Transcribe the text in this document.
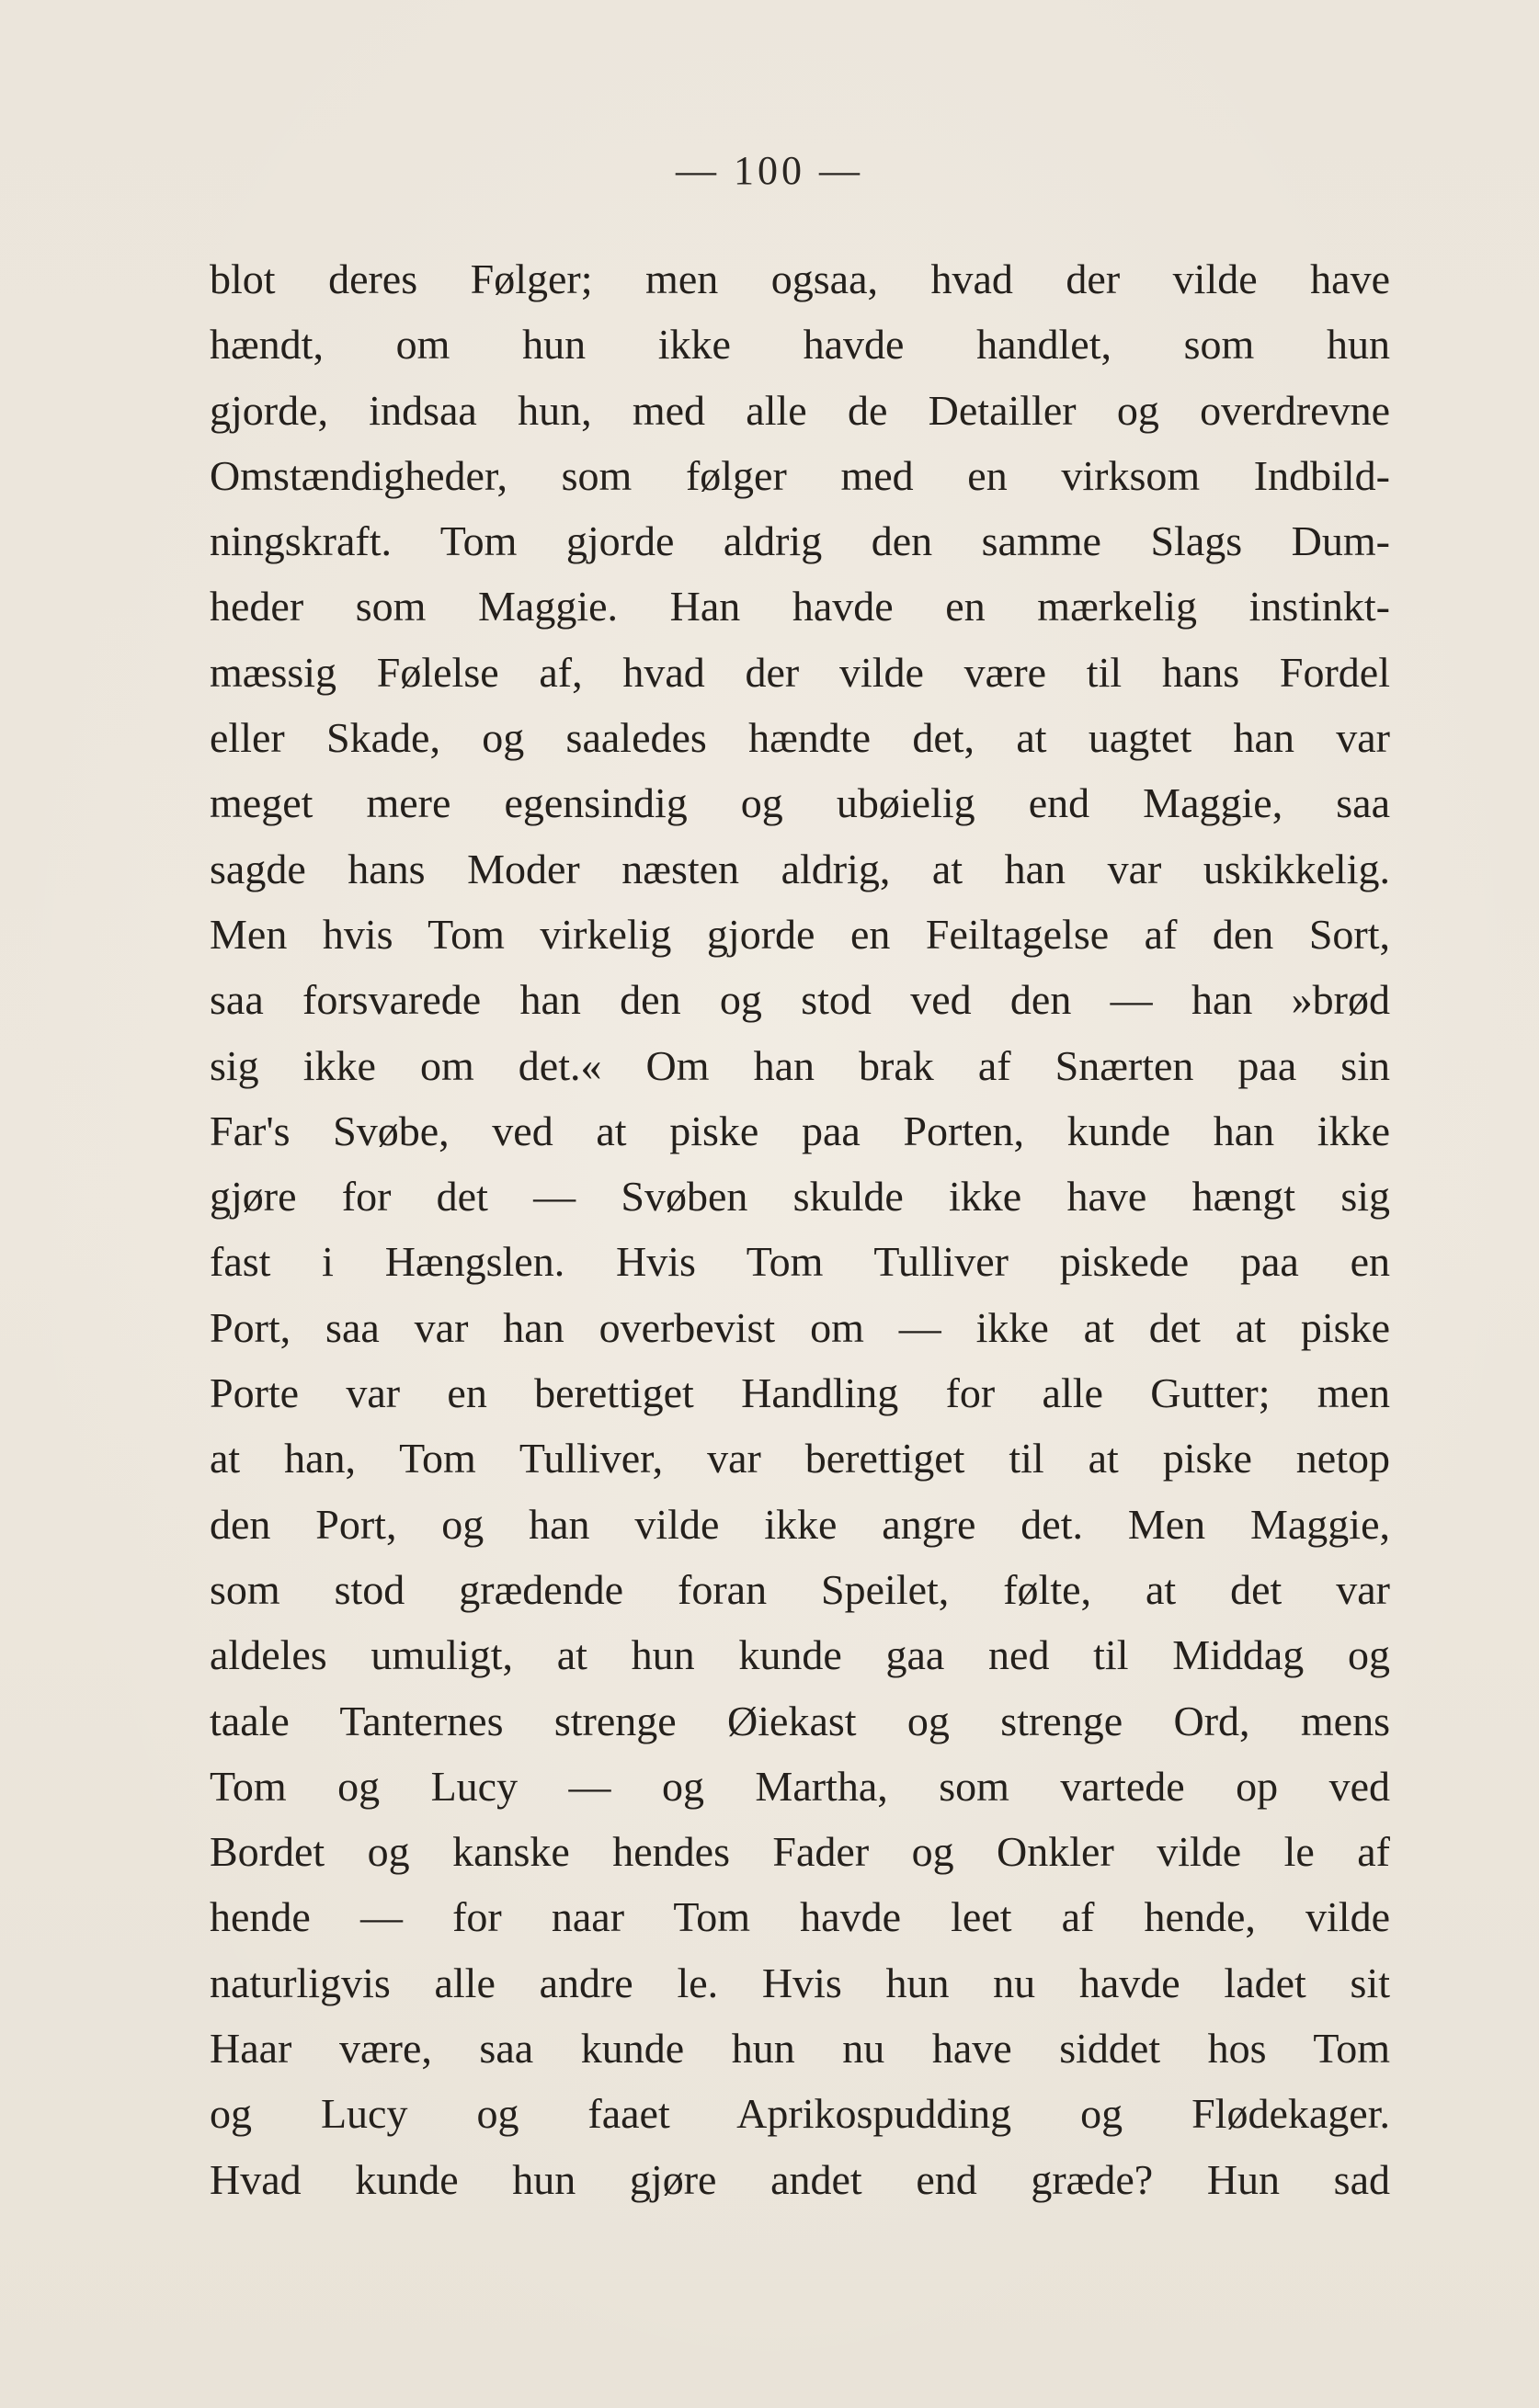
— 100 —
blot deres Følger; men ogsaa, hvad der vilde have
hændt, om hun ikke havde handlet, som hun
gjorde, indsaa hun, med alle de Detailler og overdrevne
Omstændigheder, som følger med en virksom Indbild-
ningskraft. Tom gjorde aldrig den samme Slags Dum-
heder som Maggie. Han havde en mærkelig instinkt-
mæssig Følelse af, hvad der vilde være til hans Fordel
eller Skade, og saaledes hændte det, at uagtet han var
meget mere egensindig og ubøielig end Maggie, saa
sagde hans Moder næsten aldrig, at han var uskikkelig.
Men hvis Tom virkelig gjorde en Feiltagelse af den Sort,
saa forsvarede han den og stod ved den — han »brød
sig ikke om det.« Om han brak af Snærten paa sin
Far's Svøbe, ved at piske paa Porten, kunde han ikke
gjøre for det — Svøben skulde ikke have hængt sig
fast i Hængslen. Hvis Tom Tulliver piskede paa en
Port, saa var han overbevist om — ikke at det at piske
Porte var en berettiget Handling for alle Gutter; men
at han, Tom Tulliver, var berettiget til at piske netop
den Port, og han vilde ikke angre det. Men Maggie,
som stod grædende foran Speilet, følte, at det var
aldeles umuligt, at hun kunde gaa ned til Middag og
taale Tanternes strenge Øiekast og strenge Ord, mens
Tom og Lucy — og Martha, som vartede op ved
Bordet og kanske hendes Fader og Onkler vilde le af
hende — for naar Tom havde leet af hende, vilde
naturligvis alle andre le. Hvis hun nu havde ladet sit
Haar være, saa kunde hun nu have siddet hos Tom
og Lucy og faaet Aprikospudding og Flødekager.
Hvad kunde hun gjøre andet end græde? Hun sad
